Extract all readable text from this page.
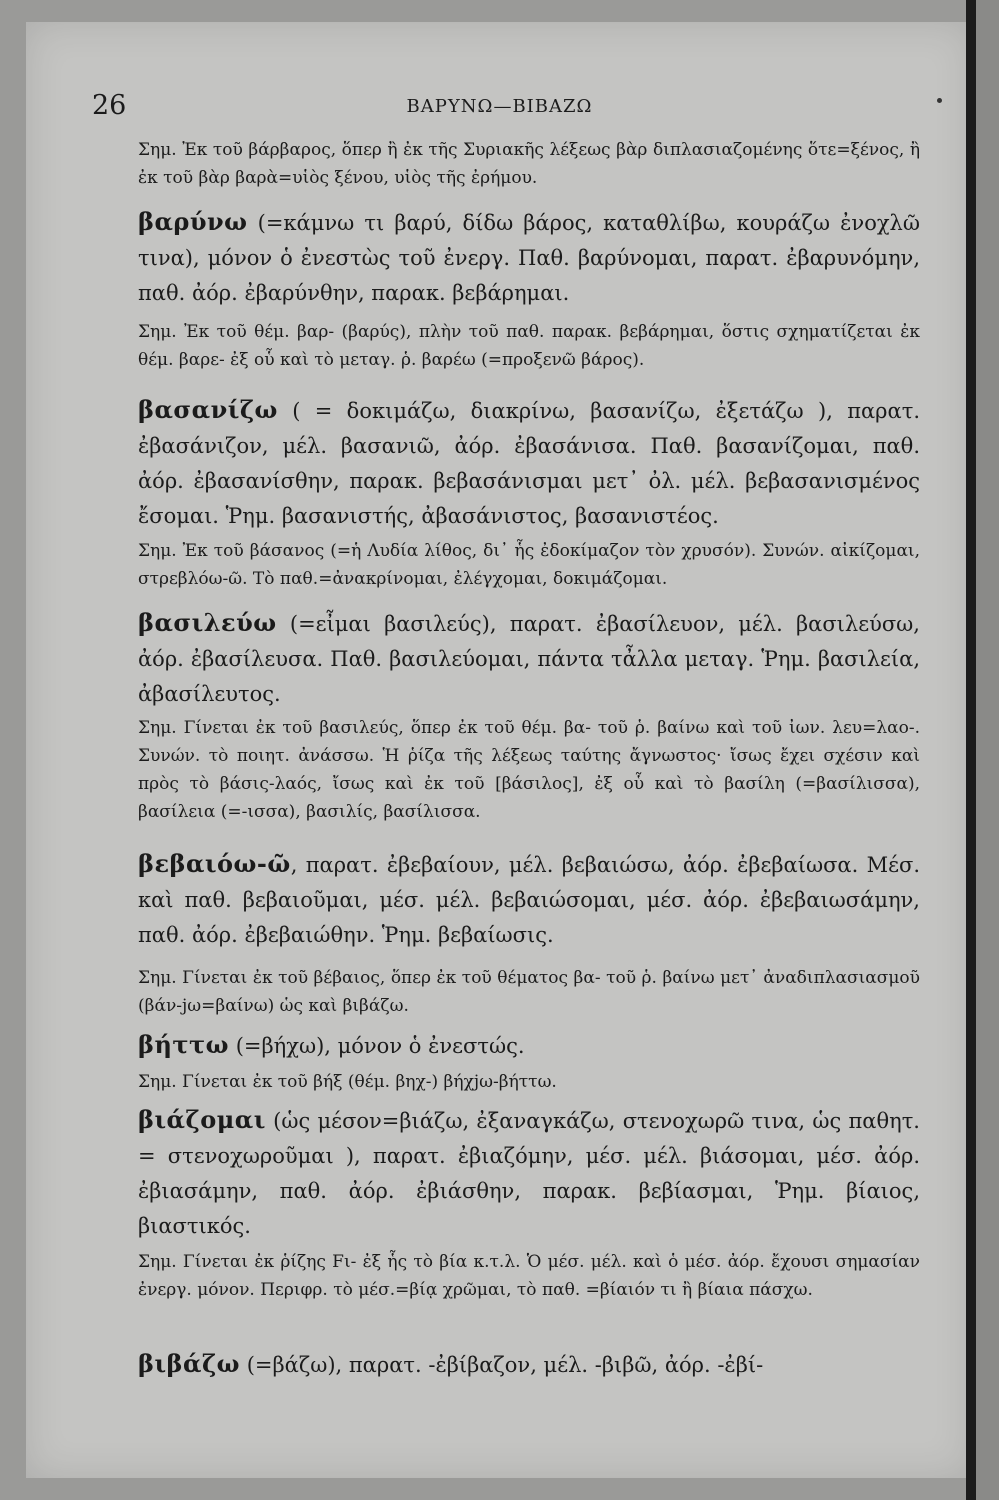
26	ΒΑΡΥΝΩ—ΒΙΒΑΖΩ

Σημ. Ἐκ τοῦ βάρβαρος, ὅπερ ἢ ἐκ τῆς Συριακῆς λέξεως βὰρ διπλασιαζομένης ὅτε=ξένος, ἢ ἐκ τοῦ βὰρ βαρὰ=υἱὸς ξένου, υἱὸς τῆς ἐρήμου.

βαρύνω (=κάμνω τι βαρύ, δίδω βάρος, καταθλίβω, κουράζω ἐνοχλῶ τινα), μόνον ὁ ἐνεστὼς τοῦ ἐνεργ. Παθ. βαρύνομαι, παρατ. ἐβαρυνόμην, παθ. ἀόρ. ἐβαρύνθην, παρακ. βεβάρημαι.

Σημ. Ἐκ τοῦ θέμ. βαρ- (βαρύς), πλὴν τοῦ παθ. παρακ. βεβάρημαι, ὅστις σχηματίζεται ἐκ θέμ. βαρε- ἐξ οὗ καὶ τὸ μεταγ. ῥ. βαρέω (=προξενῶ βάρος).

βασανίζω ( = δοκιμάζω, διακρίνω, βασανίζω, ἐξετάζω ), παρατ. ἐβασάνιζον, μέλ. βασανιῶ, ἀόρ. ἐβασάνισα. Παθ. βασανίζομαι, παθ. ἀόρ. ἐβασανίσθην, παρακ. βεβασάνισμαι μετ᾽ ὀλ. μέλ. βεβασανισμένος ἔσομαι. Ῥημ. βασανιστής, ἀβασάνιστος, βασανιστέος.

Σημ. Ἐκ τοῦ βάσανος (=ἡ Λυδία λίθος, δι᾽ ἧς ἐδοκίμαζον τὸν χρυσόν). Συνών. αἰκίζομαι, στρεβλόω-ῶ. Τὸ παθ.=ἀνακρίνομαι, ἐλέγχομαι, δοκιμάζομαι.

βασιλεύω (=εἶμαι βασιλεύς), παρατ. ἐβασίλευον, μέλ. βασιλεύσω, ἀόρ. ἐβασίλευσα. Παθ. βασιλεύομαι, πάντα τἆλλα μεταγ. Ῥημ. βασιλεία, ἀβασίλευτος.

Σημ. Γίνεται ἐκ τοῦ βασιλεύς, ὅπερ ἐκ τοῦ θέμ. βα- τοῦ ῥ. βαίνω καὶ τοῦ ἰων. λευ=λαο-. Συνών. τὸ ποιητ. ἀνάσσω. Ἡ ῥίζα τῆς λέξεως ταύτης ἄγνωστος· ἴσως ἔχει σχέσιν καὶ πρὸς τὸ βάσις-λαός, ἴσως καὶ ἐκ τοῦ [βάσιλος], ἐξ οὗ καὶ τὸ βασίλη (=βασίλισσα), βασίλεια (=-ισσα), βασιλίς, βασίλισσα.

βεβαιόω-ῶ, παρατ. ἐβεβαίουν, μέλ. βεβαιώσω, ἀόρ. ἐβεβαίωσα. Μέσ. καὶ παθ. βεβαιοῦμαι, μέσ. μέλ. βεβαιώσομαι, μέσ. ἀόρ. ἐβεβαιωσάμην, παθ. ἀόρ. ἐβεβαιώθην. Ῥημ. βεβαίωσις.

Σημ. Γίνεται ἐκ τοῦ βέβαιος, ὅπερ ἐκ τοῦ θέματος βα- τοῦ ῥ. βαίνω μετ᾽ ἀναδιπλασιασμοῦ (βάν-jω=βαίνω) ὡς καὶ βιβάζω.

βήττω (=βήχω), μόνον ὁ ἐνεστώς.

Σημ. Γίνεται ἐκ τοῦ βήξ (θέμ. βηχ-) βήχjω-βήττω.

βιάζομαι (ὡς μέσον=βιάζω, ἐξαναγκάζω, στενοχωρῶ τινα, ὡς παθητ. = στενοχωροῦμαι ), παρατ. ἐβιαζόμην, μέσ. μέλ. βιάσομαι, μέσ. ἀόρ. ἐβιασάμην, παθ. ἀόρ. ἐβιάσθην, παρακ. βεβίασμαι, Ῥημ. βίαιος, βιαστικός.

Σημ. Γίνεται ἐκ ῥίζης Fι- ἐξ ἧς τὸ βία κ.τ.λ. Ὁ μέσ. μέλ. καὶ ὁ μέσ. ἀόρ. ἔχουσι σημασίαν ἐνεργ. μόνον. Περιφρ. τὸ μέσ.=βίᾳ χρῶμαι, τὸ παθ. =βίαιόν τι ἢ βίαια πάσχω.

βιβάζω (=βάζω), παρατ. -ἐβίβαζον, μέλ. -βιβῶ, ἀόρ. -ἐβί-
